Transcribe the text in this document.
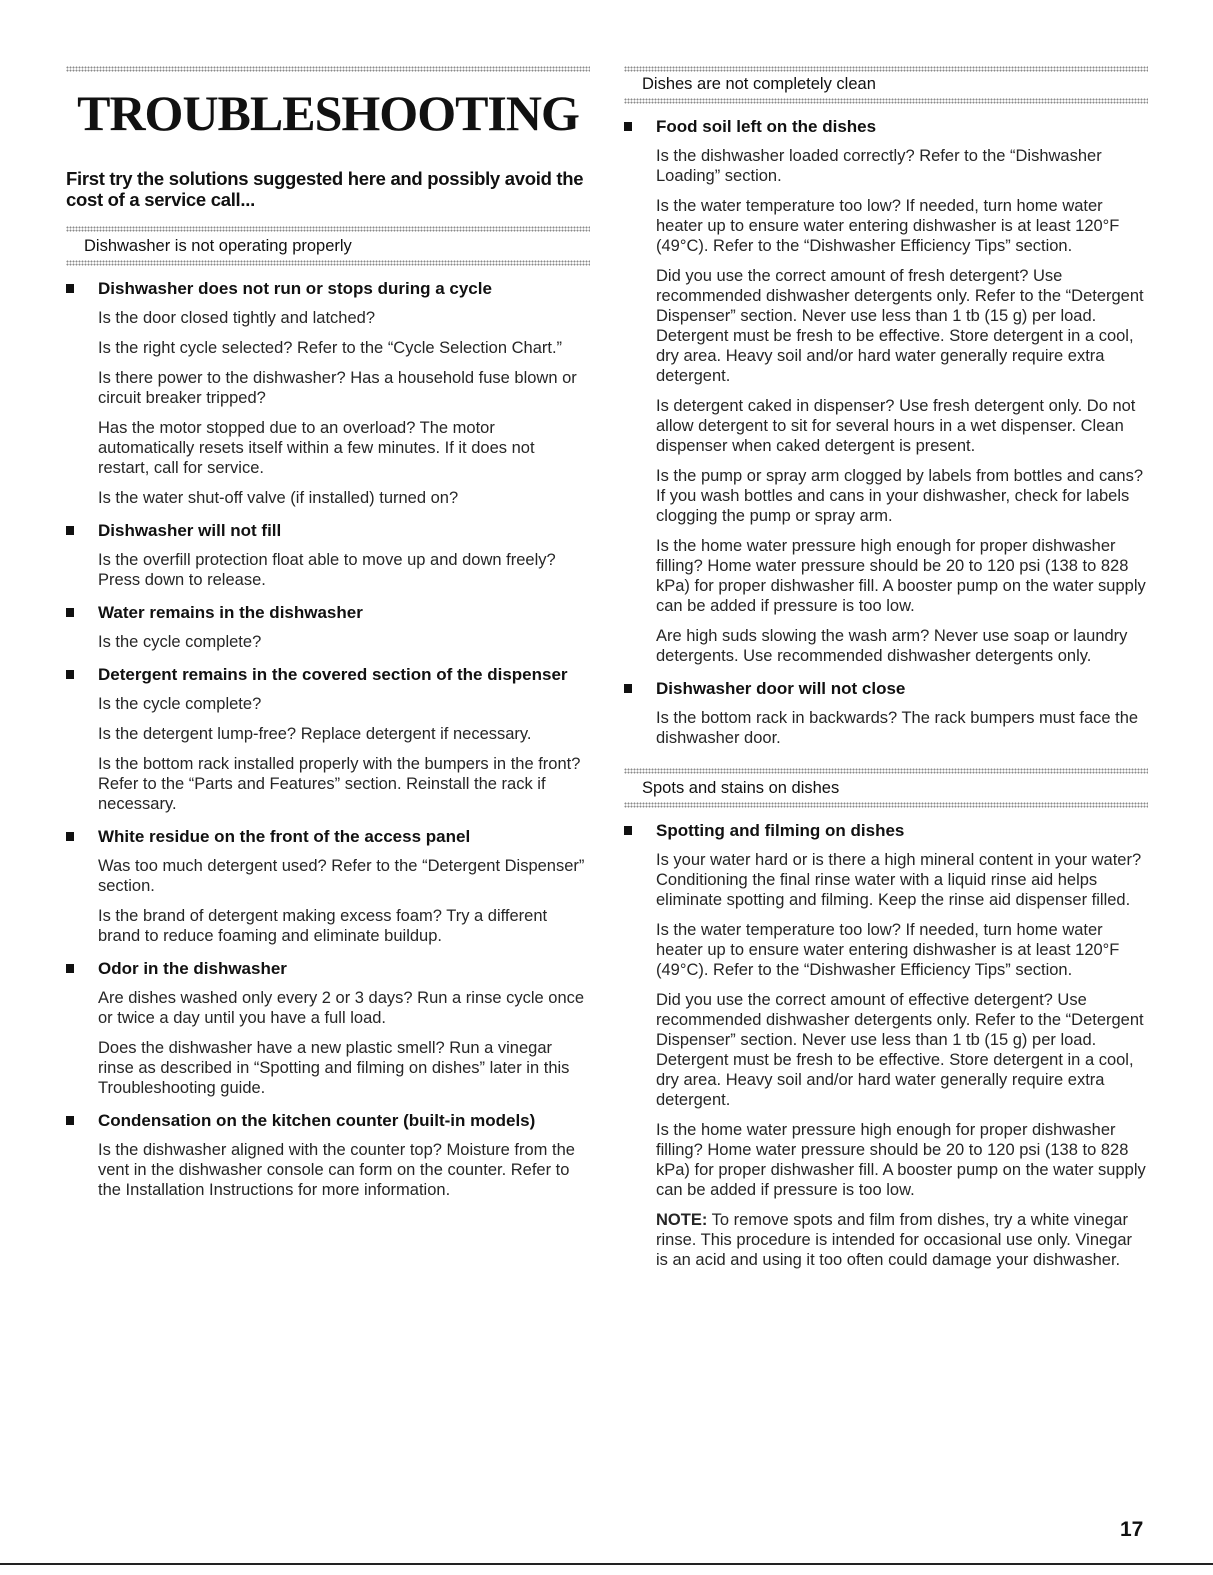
TROUBLESHOOTING

First try the solutions suggested here and possibly avoid the cost of a service call...

Dishwasher is not operating properly
Dishwasher does not run or stops during a cycle

Is the door closed tightly and latched?

Is the right cycle selected? Refer to the “Cycle Selection Chart.”

Is there power to the dishwasher? Has a household fuse blown or circuit breaker tripped?

Has the motor stopped due to an overload? The motor automatically resets itself within a few minutes. If it does not restart, call for service.

Is the water shut-off valve (if installed) turned on?

Dishwasher will not fill

Is the overfill protection float able to move up and down freely? Press down to release.

Water remains in the dishwasher

Is the cycle complete?

Detergent remains in the covered section of the dispenser

Is the cycle complete?

Is the detergent lump-free? Replace detergent if necessary.

Is the bottom rack installed properly with the bumpers in the front? Refer to the “Parts and Features” section. Reinstall the rack if necessary.

White residue on the front of the access panel

Was too much detergent used? Refer to the “Detergent Dispenser” section.

Is the brand of detergent making excess foam? Try a different brand to reduce foaming and eliminate buildup.

Odor in the dishwasher

Are dishes washed only every 2 or 3 days? Run a rinse cycle once or twice a day until you have a full load.

Does the dishwasher have a new plastic smell? Run a vinegar rinse as described in “Spotting and filming on dishes” later in this Troubleshooting guide.

Condensation on the kitchen counter (built-in models)

Is the dishwasher aligned with the counter top? Moisture from the vent in the dishwasher console can form on the counter. Refer to the Installation Instructions for more information.

Dishes are not completely clean
Food soil left on the dishes

Is the dishwasher loaded correctly? Refer to the “Dishwasher Loading” section.

Is the water temperature too low? If needed, turn home water heater up to ensure water entering dishwasher is at least 120°F (49°C). Refer to the “Dishwasher Efficiency Tips” section.

Did you use the correct amount of fresh detergent? Use recommended dishwasher detergents only. Refer to the “Detergent Dispenser” section. Never use less than 1 tb (15 g) per load. Detergent must be fresh to be effective. Store detergent in a cool, dry area. Heavy soil and/or hard water generally require extra detergent.

Is detergent caked in dispenser? Use fresh detergent only. Do not allow detergent to sit for several hours in a wet dispenser. Clean dispenser when caked detergent is present.

Is the pump or spray arm clogged by labels from bottles and cans? If you wash bottles and cans in your dishwasher, check for labels clogging the pump or spray arm.

Is the home water pressure high enough for proper dishwasher filling? Home water pressure should be 20 to 120 psi (138 to 828 kPa) for proper dishwasher fill. A booster pump on the water supply can be added if pressure is too low.

Are high suds slowing the wash arm? Never use soap or laundry detergents. Use recommended dishwasher detergents only.

Dishwasher door will not close

Is the bottom rack in backwards? The rack bumpers must face the dishwasher door.

Spots and stains on dishes
Spotting and filming on dishes

Is your water hard or is there a high mineral content in your water? Conditioning the final rinse water with a liquid rinse aid helps eliminate spotting and filming. Keep the rinse aid dispenser filled.

Is the water temperature too low? If needed, turn home water heater up to ensure water entering dishwasher is at least 120°F (49°C). Refer to the “Dishwasher Efficiency Tips” section.

Did you use the correct amount of effective detergent? Use recommended dishwasher detergents only. Refer to the “Detergent Dispenser” section. Never use less than 1 tb (15 g) per load. Detergent must be fresh to be effective. Store detergent in a cool, dry area. Heavy soil and/or hard water generally require extra detergent.

Is the home water pressure high enough for proper dishwasher filling? Home water pressure should be 20 to 120 psi (138 to 828 kPa) for proper dishwasher fill. A booster pump on the water supply can be added if pressure is too low.

NOTE: To remove spots and film from dishes, try a white vinegar rinse. This procedure is intended for occasional use only. Vinegar is an acid and using it too often could damage your dishwasher.

17
